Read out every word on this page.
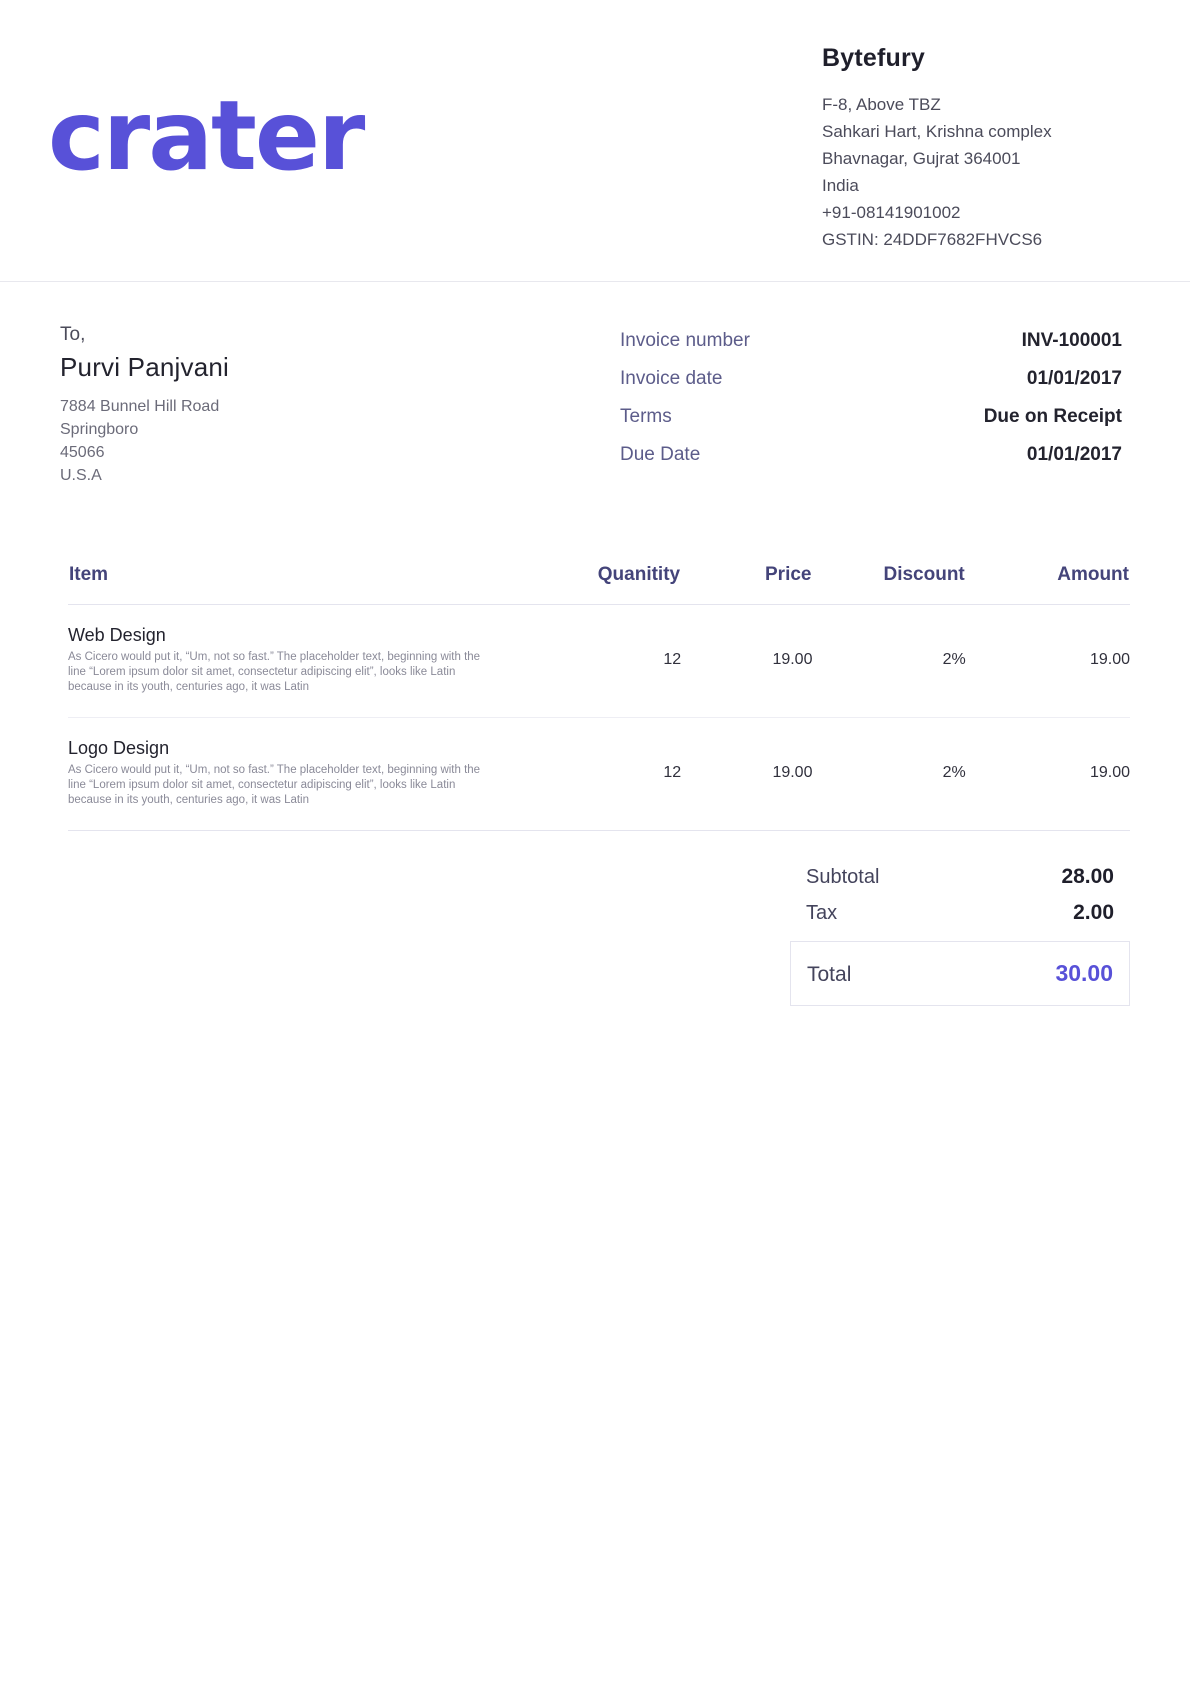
crater
Bytefury
F-8, Above TBZ
Sahkari Hart, Krishna complex
Bhavnagar, Gujrat 364001
India
+91-08141901002
GSTIN: 24DDF7682FHVCS6
To,
Purvi Panjvani
7884 Bunnel Hill Road
Springboro
45066
U.S.A
Invoice number	INV-100001
Invoice date	01/01/2017
Terms	Due on Receipt
Due Date	01/01/2017
Item	Quanitity	Price	Discount	Amount

Web Design
As Cicero would put it, “Um, not so fast.” The placeholder text, beginning with the line “Lorem ipsum dolor sit amet, consectetur adipiscing elit”, looks like Latin because in its youth, centuries ago, it was Latin	12	19.00	2%	19.00

Logo Design
As Cicero would put it, “Um, not so fast.” The placeholder text, beginning with the line “Lorem ipsum dolor sit amet, consectetur adipiscing elit”, looks like Latin because in its youth, centuries ago, it was Latin	12	19.00	2%	19.00
Subtotal	28.00
Tax	2.00
Total	30.00
